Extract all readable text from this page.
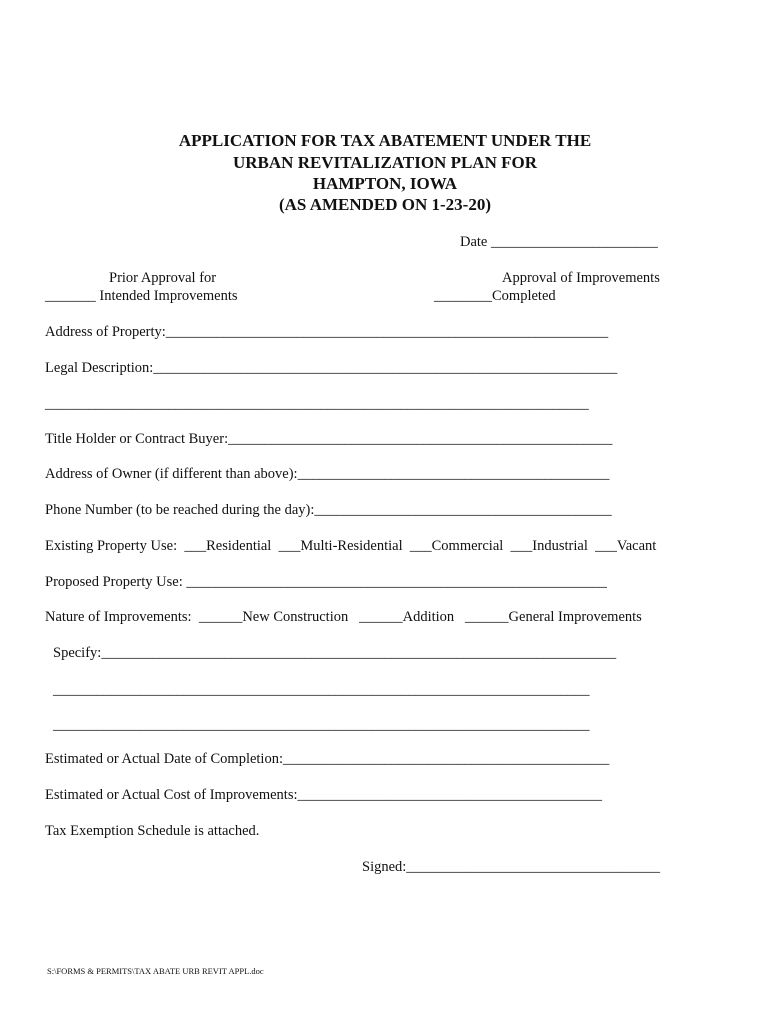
APPLICATION FOR TAX ABATEMENT UNDER THE
URBAN REVITALIZATION PLAN FOR
HAMPTON, IOWA
(AS AMENDED ON 1-23-20)
Date _______________________
Prior Approval for
_______ Intended Improvements
Approval of Improvements
________Completed
Address of Property:_____________________________________________________________
Legal Description:________________________________________________________________
___________________________________________________________________________
Title Holder or Contract Buyer:_____________________________________________________
Address of Owner (if different than above):___________________________________________
Phone Number (to be reached during the day):_________________________________________
Existing Property Use:  ___Residential  ___Multi-Residential  ___Commercial  ___Industrial  ___Vacant
Proposed Property Use: __________________________________________________________
Nature of Improvements:  ______New Construction   ______Addition   ______General Improvements
Specify:_______________________________________________________________________
__________________________________________________________________________
__________________________________________________________________________
Estimated or Actual Date of Completion:_____________________________________________
Estimated or Actual Cost of Improvements:__________________________________________
Tax Exemption Schedule is attached.
Signed:___________________________________
S:\FORMS & PERMITS\TAX ABATE URB REVIT APPL.doc
